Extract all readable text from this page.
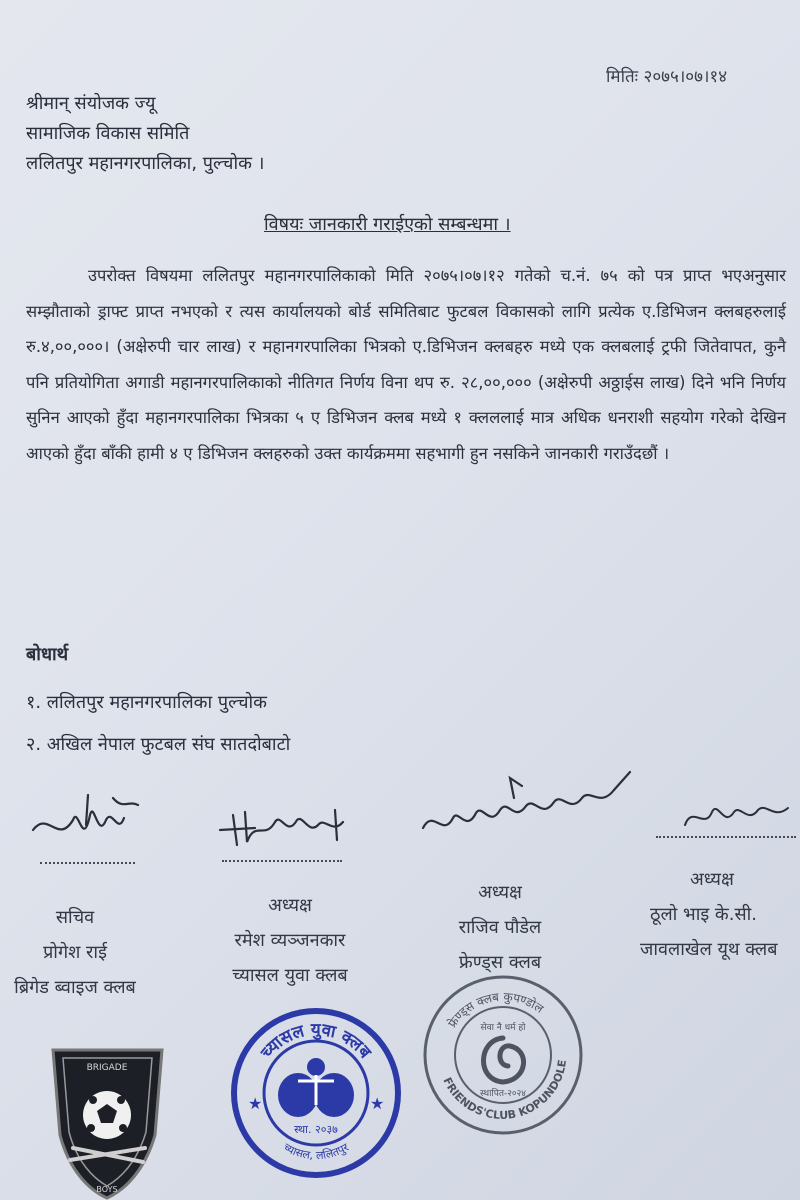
मितिः २०७५।०७।१४
श्रीमान् संयोजक ज्यू
सामाजिक विकास समिति
ललितपुर महानगरपालिका, पुल्चोक ।
विषयः जानकारी गराईएको सम्बन्धमा ।
उपरोक्त विषयमा ललितपुर महानगरपालिकाको मिति २०७५।०७।१२ गतेको च.नं. ७५ को पत्र प्राप्त भएअनुसार सम्झौताको ड्राफ्ट प्राप्त नभएको र त्यस कार्यालयको बोर्ड समितिबाट फुटबल विकासको लागि प्रत्येक ए.डिभिजन क्लबहरुलाई रु.४,००,०००। (अक्षेरुपी चार लाख) र महानगरपालिका भित्रको ए.डिभिजन क्लबहरु मध्ये एक क्लबलाई ट्रफी जितेवापत, कुनै पनि प्रतियोगिता अगाडी महानगरपालिकाको नीतिगत निर्णय विना थप रु. २८,००,००० (अक्षेरुपी अठ्ठाईस लाख) दिने भनि निर्णय सुनिन आएको हुँदा महानगरपालिका भित्रका ५ ए डिभिजन क्लब मध्ये १ क्लललाई मात्र अधिक धनराशी सहयोग गरेको देखिन आएको हुँदा बाँकी हामी ४ ए डिभिजन क्लहरुको उक्त कार्यक्रममा सहभागी हुन नसकिने जानकारी गराउँदछौं ।
बोधार्थ
१. ललितपुर महानगरपालिका पुल्चोक
२. अखिल नेपाल फुटबल संघ सातदोबाटो
सचिव
प्रोगेश राई
ब्रिगेड ब्वाइज क्लब
अध्यक्ष
रमेश व्यञ्जनकार
च्यासल युवा क्लब
अध्यक्ष
राजिव पौडेल
फ्रेण्ड्स क्लब
अध्यक्ष
ठूलो भाइ के.सी.
जावलाखेल यूथ क्लब
BRIGADE
BOYS
च्यासल युवा क्लब
च्यासल, ललितपुर
स्था. २०३७
★	★
फ्रेण्ड्स क्लब कुपण्डोल
FRIENDS'CLUB KOPUNDOLE
सेवा नै धर्म हो
स्थापित-२०२४
